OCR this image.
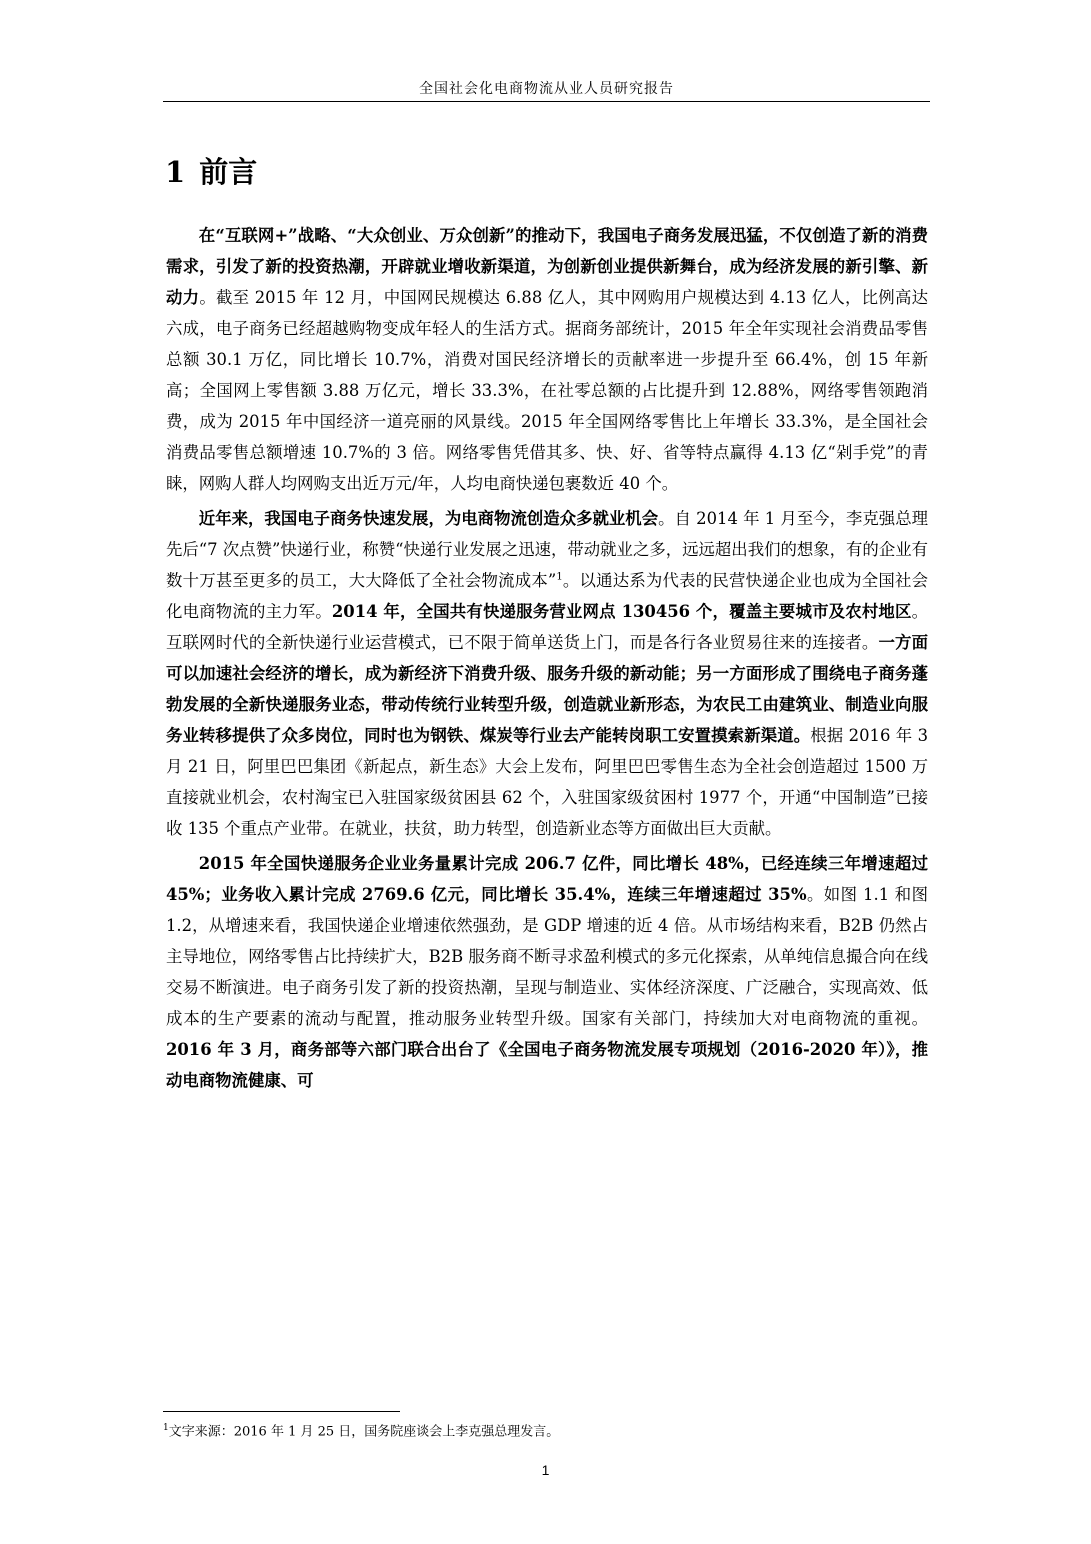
全国社会化电商物流从业人员研究报告
1 前言

在“互联网+”战略、“大众创业、万众创新”的推动下，我国电子商务发展迅猛，不仅创造了新的消费需求，引发了新的投资热潮，开辟就业增收新渠道，为创新创业提供新舞台，成为经济发展的新引擎、新动力。截至 2015 年 12 月，中国网民规模达 6.88 亿人，其中网购用户规模达到 4.13 亿人，比例高达六成，电子商务已经超越购物变成年轻人的生活方式。据商务部统计，2015 年全年实现社会消费品零售总额 30.1 万亿，同比增长 10.7%，消费对国民经济增长的贡献率进一步提升至 66.4%，创 15 年新高；全国网上零售额 3.88 万亿元，增长 33.3%，在社零总额的占比提升到 12.88%，网络零售领跑消费，成为 2015 年中国经济一道亮丽的风景线。2015 年全国网络零售比上年增长 33.3%，是全国社会消费品零售总额增速 10.7%的 3 倍。网络零售凭借其多、快、好、省等特点赢得 4.13 亿“剁手党”的青睐，网购人群人均网购支出近万元/年，人均电商快递包裹数近 40 个。

近年来，我国电子商务快速发展，为电商物流创造众多就业机会。自 2014 年 1 月至今，李克强总理先后“7 次点赞”快递行业，称赞“快递行业发展之迅速，带动就业之多，远远超出我们的想象，有的企业有数十万甚至更多的员工，大大降低了全社会物流成本”$^1$。以通达系为代表的民营快递企业也成为全国社会化电商物流的主力军。2014 年，全国共有快递服务营业网点 130456 个，覆盖主要城市及农村地区。互联网时代的全新快递行业运营模式，已不限于简单送货上门，而是各行各业贸易往来的连接者。一方面可以加速社会经济的增长，成为新经济下消费升级、服务升级的新动能；另一方面形成了围绕电子商务蓬勃发展的全新快递服务业态，带动传统行业转型升级，创造就业新形态，为农民工由建筑业、制造业向服务业转移提供了众多岗位，同时也为钢铁、煤炭等行业去产能转岗职工安置摸索新渠道。根据 2016 年 3 月 21 日，阿里巴巴集团《新起点，新生态》大会上发布，阿里巴巴零售生态为全社会创造超过 1500 万直接就业机会，农村淘宝已入驻国家级贫困县 62 个，入驻国家级贫困村 1977 个，开通“中国制造”已接收 135 个重点产业带。在就业，扶贫，助力转型，创造新业态等方面做出巨大贡献。

2015 年全国快递服务企业业务量累计完成 206.7 亿件，同比增长 48%，已经连续三年增速超过 45%；业务收入累计完成 2769.6 亿元，同比增长 35.4%，连续三年增速超过 35%。如图 1.1 和图 1.2，从增速来看，我国快递企业增速依然强劲，是 GDP 增速的近 4 倍。从市场结构来看，B2B 仍然占主导地位，网络零售占比持续扩大，B2B 服务商不断寻求盈利模式的多元化探索，从单纯信息撮合向在线交易不断演进。电子商务引发了新的投资热潮，呈现与制造业、实体经济深度、广泛融合，实现高效、低成本的生产要素的流动与配置，推动服务业转型升级。国家有关部门，持续加大对电商物流的重视。2016 年 3 月，商务部等六部门联合出台了《全国电子商务物流发展专项规划（2016-2020 年）》，推动电商物流健康、可

$^1$文字来源：2016 年 1 月 25 日，国务院座谈会上李克强总理发言。
1
